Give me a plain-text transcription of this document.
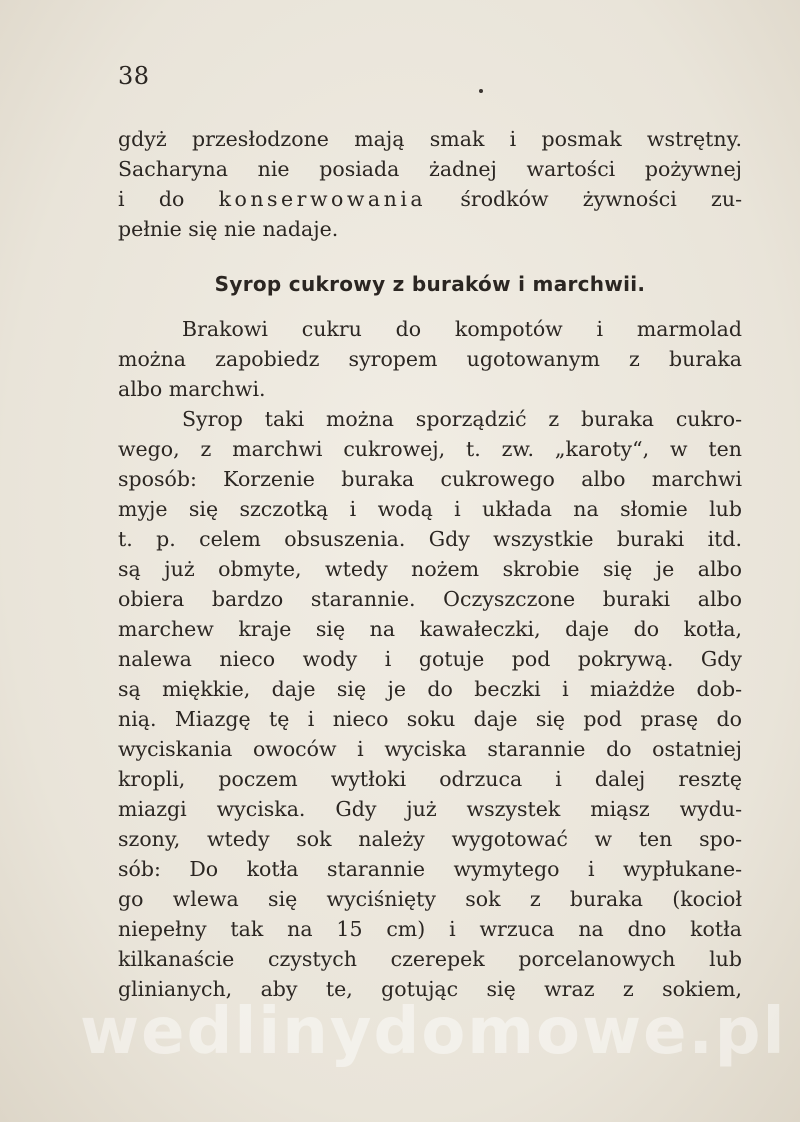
38
gdyż przesłodzone mają smak i posmak wstrętny.
Sacharyna nie posiada żadnej wartości pożywnej
i do konserwowania środków żywności zu-
pełnie się nie nadaje.
Syrop cukrowy z buraków i marchwii.
Brakowi cukru do kompotów i marmolad
można zapobiedz syropem ugotowanym z buraka
albo marchwi.
Syrop taki można sporządzić z buraka cukro-
wego, z marchwi cukrowej, t. zw. „karoty“, w ten
sposób: Korzenie buraka cukrowego albo marchwi
myje się szczotką i wodą i układa na słomie lub
t. p. celem obsuszenia. Gdy wszystkie buraki itd.
są już obmyte, wtedy nożem skrobie się je albo
obiera bardzo starannie. Oczyszczone buraki albo
marchew kraje się na kawałeczki, daje do kotła,
nalewa nieco wody i gotuje pod pokrywą. Gdy
są miękkie, daje się je do beczki i miażdże dob-
nią. Miazgę tę i nieco soku daje się pod prasę do
wyciskania owoców i wyciska starannie do ostatniej
kropli, poczem wytłoki odrzuca i dalej resztę
miazgi wyciska. Gdy już wszystek miąsz wydu-
szony, wtedy sok należy wygotować w ten spo-
sób: Do kotła starannie wymytego i wypłukane-
go wlewa się wyciśnięty sok z buraka (kocioł
niepełny tak na 15 cm) i wrzuca na dno kotła
kilkanaście czystych czerepek porcelanowych lub
glinianych, aby te, gotując się wraz z sokiem,
wedlinydomowe.pl
